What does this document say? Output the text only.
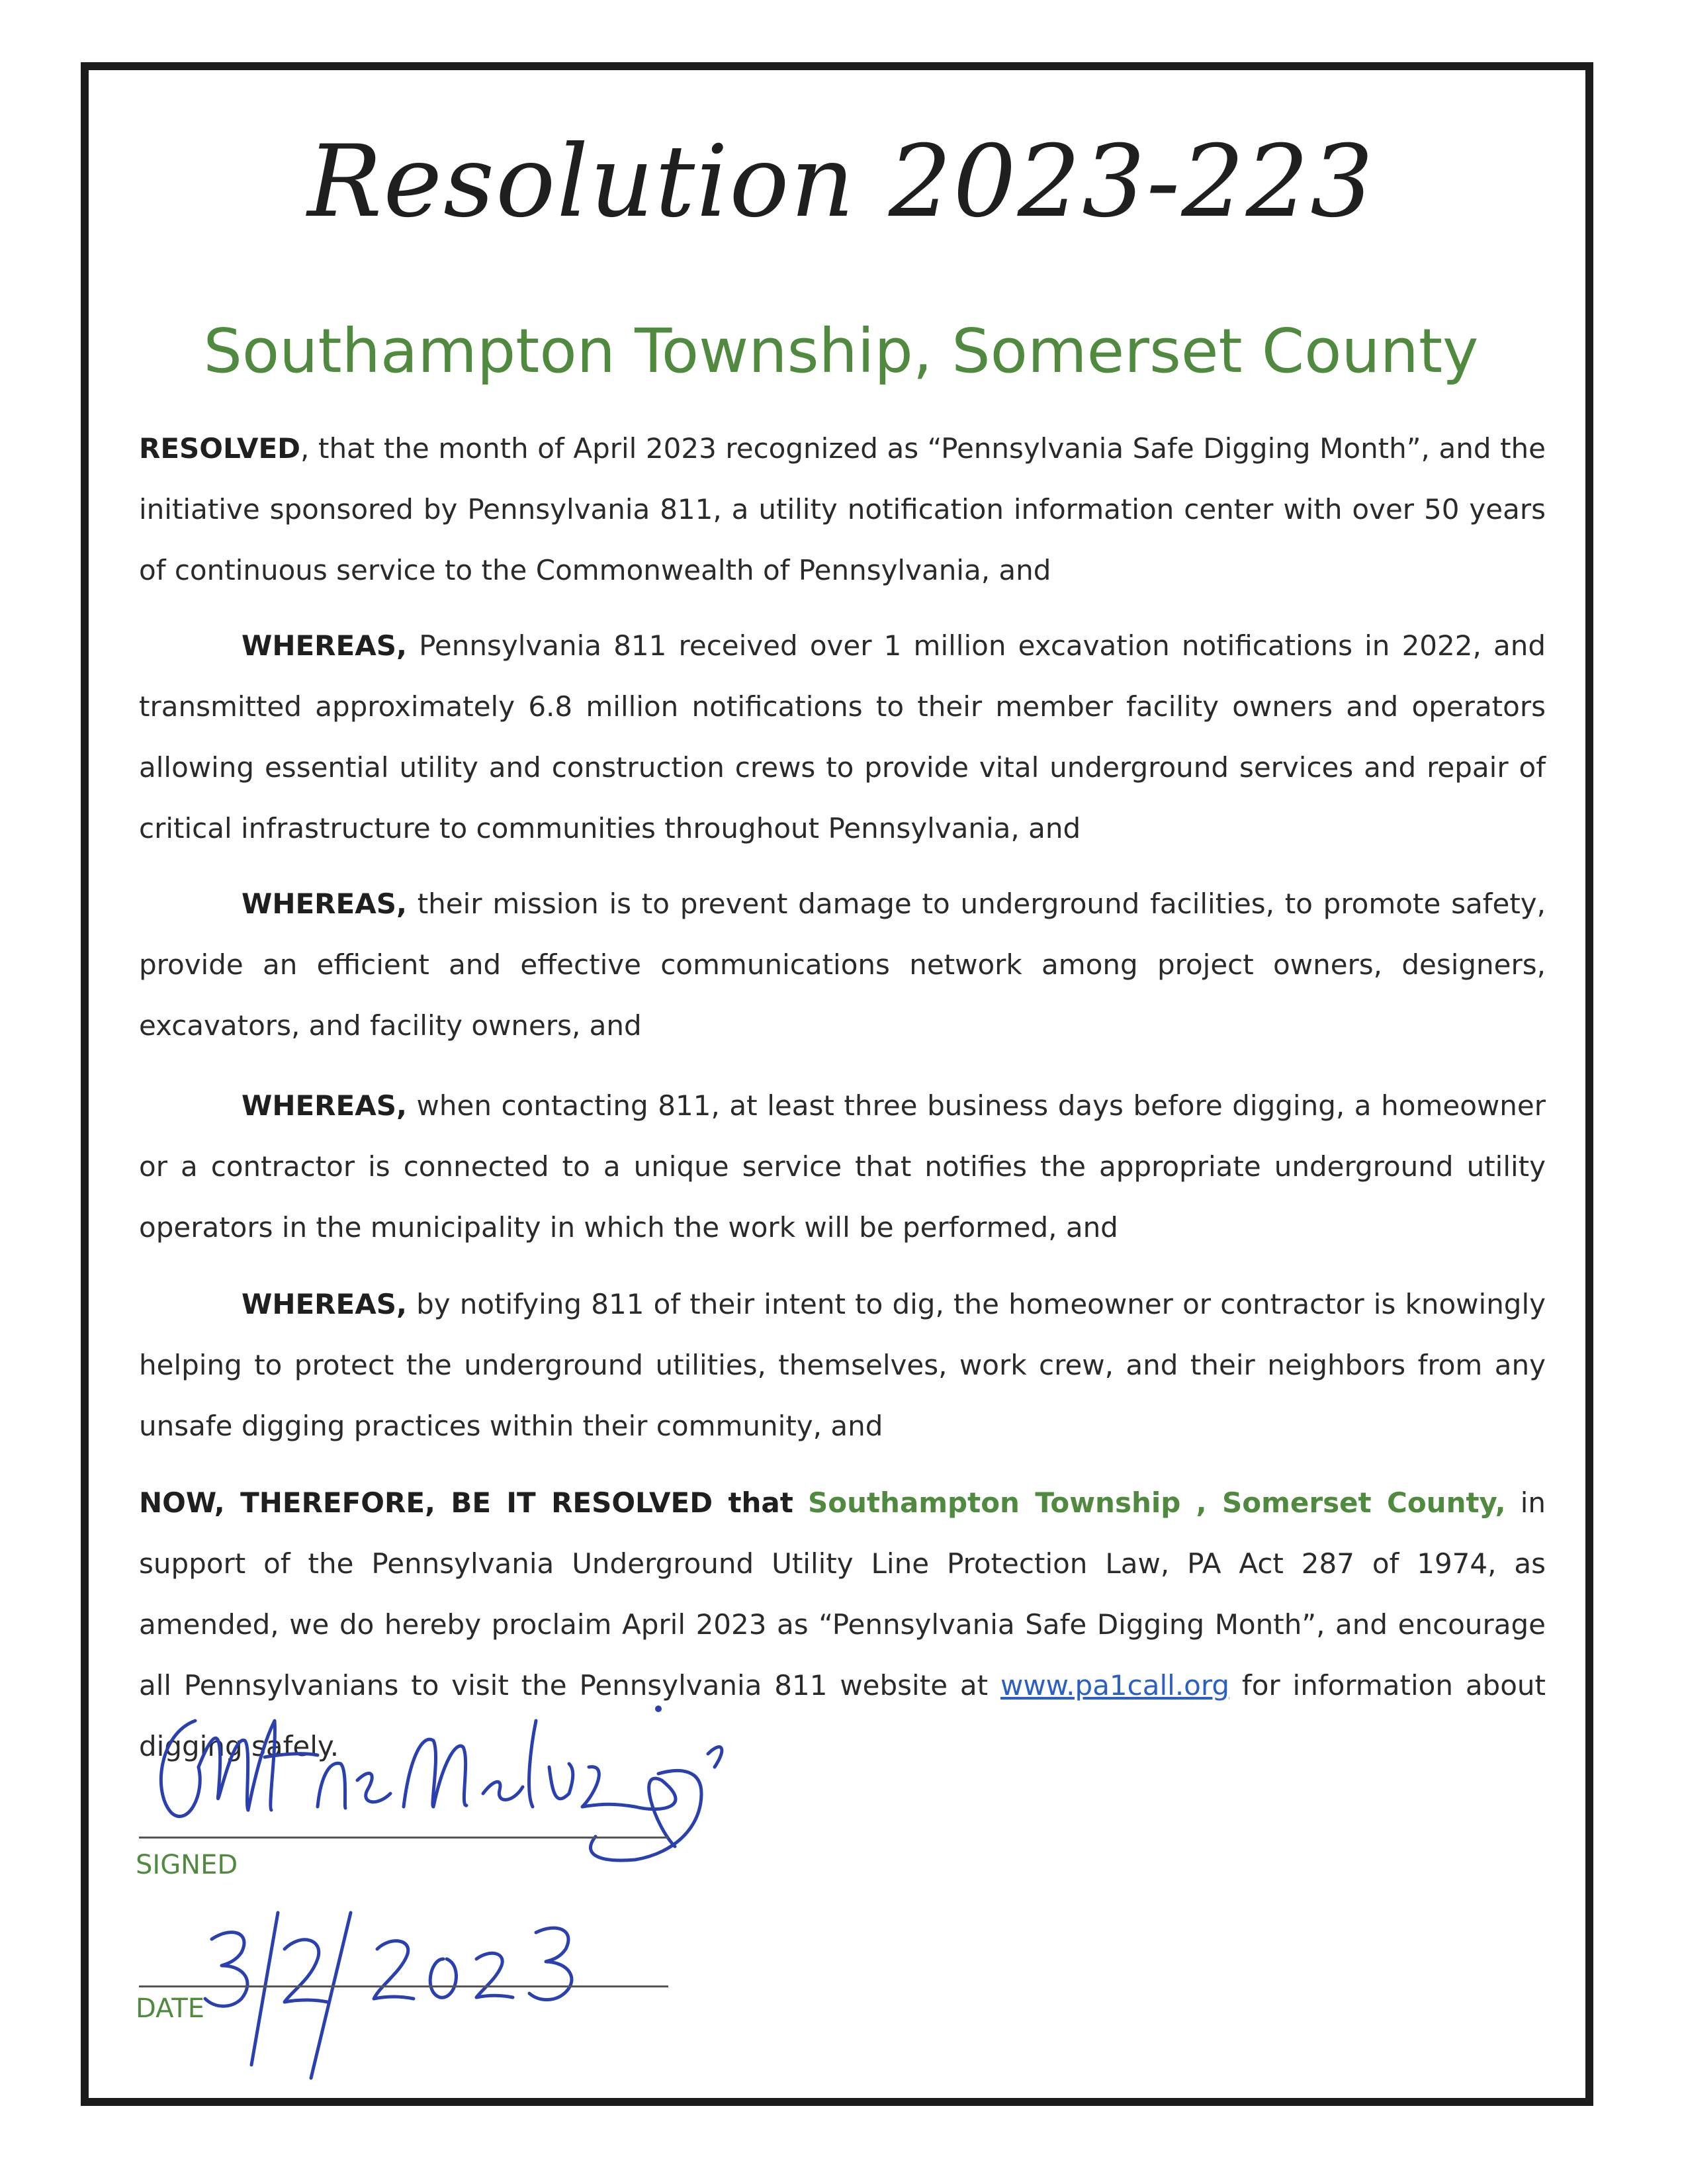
Resolution 2023-223
Southampton Township, Somerset County

RESOLVED, that the month of April 2023 recognized as “Pennsylvania Safe Digging Month”, and the initiative sponsored by Pennsylvania 811, a utility notification information center with over 50 years of continuous service to the Commonwealth of Pennsylvania, and

WHEREAS, Pennsylvania 811 received over 1 million excavation notifications in 2022, and transmitted approximately 6.8 million notifications to their member facility owners and operators allowing essential utility and construction crews to provide vital underground services and repair of critical infrastructure to communities throughout Pennsylvania, and

WHEREAS, their mission is to prevent damage to underground facilities, to promote safety, provide an efficient and effective communications network among project owners, designers, excavators, and facility owners, and

WHEREAS, when contacting 811, at least three business days before digging, a homeowner or a contractor is connected to a unique service that notifies the appropriate underground utility operators in the municipality in which the work will be performed, and

WHEREAS, by notifying 811 of their intent to dig, the homeowner or contractor is knowingly helping to protect the underground utilities, themselves, work crew, and their neighbors from any unsafe digging practices within their community, and

NOW, THEREFORE, BE IT RESOLVED that Southampton Township , Somerset County, in support of the Pennsylvania Underground Utility Line Protection Law, PA Act 287 of 1974, as amended, we do hereby proclaim April 2023 as “Pennsylvania Safe Digging Month”, and encourage all Pennsylvanians to visit the Pennsylvania 811 website at www.pa1call.org for information about digging safely.

SIGNED
DATE
